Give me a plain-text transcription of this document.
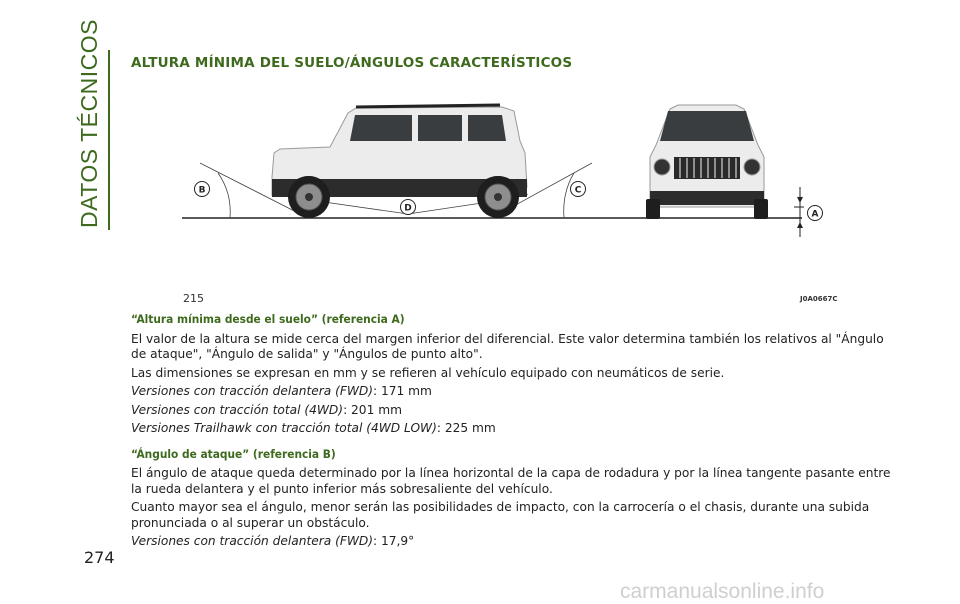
DATOS TÉCNICOS ALTURA MÍNIMA DEL SUELO/ÁNGULOS CARACTERÍSTICOS
B	C
D
A
215	J0A0667C

“Altura mínima desde el suelo” (referencia A)

El valor de la altura se mide cerca del margen inferior del diferencial. Este valor determina también los relativos al "Ángulo de ataque", "Ángulo de salida" y "Ángulos de punto alto".

Las dimensiones se expresan en mm y se refieren al vehículo equipado con neumáticos de serie.

Versiones con tracción delantera (FWD): 171 mm

Versiones con tracción total (4WD): 201 mm

Versiones Trailhawk con tracción total (4WD LOW): 225 mm

“Ángulo de ataque” (referencia B)

El ángulo de ataque queda determinado por la línea horizontal de la capa de rodadura y por la línea tangente pasante entre la rueda delantera y el punto inferior más sobresaliente del vehículo.

Cuanto mayor sea el ángulo, menor serán las posibilidades de impacto, con la carrocería o el chasis, durante una subida pronunciada o al superar un obstáculo.

Versiones con tracción delantera (FWD): 17,9°

274
carmanualsonline.info
